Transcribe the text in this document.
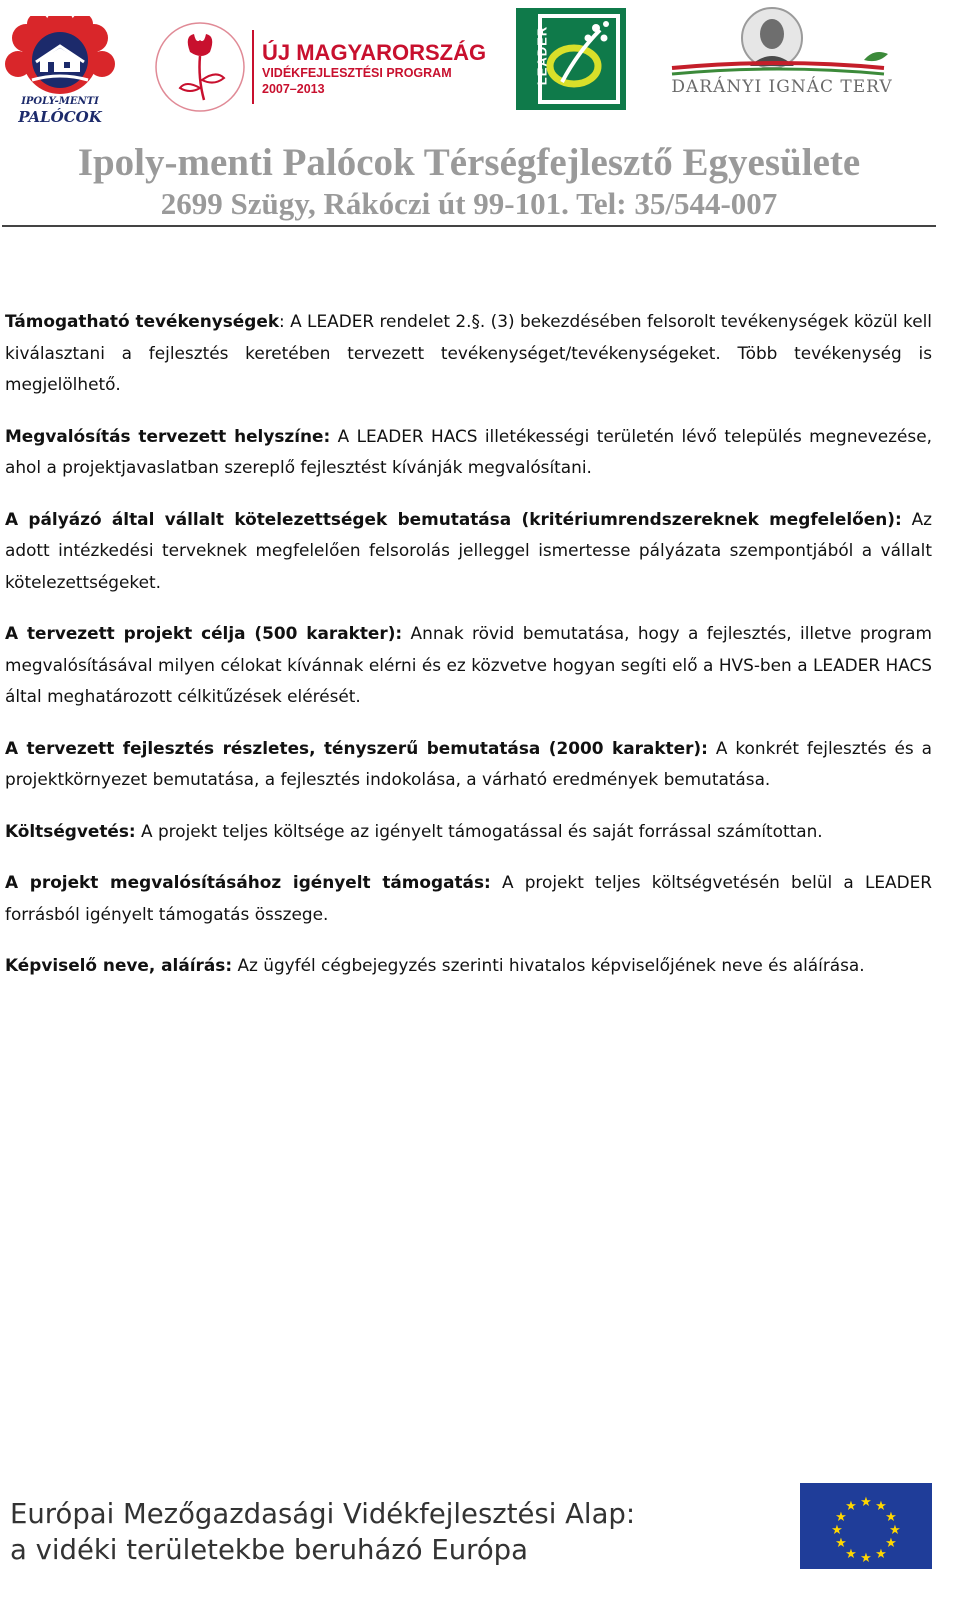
IPOLY-MENTI
PALÓCOK
ÚJ MAGYARORSZÁG
VIDÉKFEJLESZTÉSI PROGRAM
2007–2013
LEADER
DARÁNYI IGNÁC TERV
Ipoly-menti Palócok Térségfejlesztő Egyesülete
2699 Szügy, Rákóczi út 99-101. Tel: 35/544-007

Támogatható tevékenységek: A LEADER rendelet 2.§. (3) bekezdésében felsorolt tevékenységek közül kell kiválasztani a fejlesztés keretében tervezett tevékenységet/tevékenységeket. Több tevékenység is megjelölhető.

Megvalósítás tervezett helyszíne: A LEADER HACS illetékességi területén lévő település megnevezése, ahol a projektjavaslatban szereplő fejlesztést kívánják megvalósítani.

A pályázó által vállalt kötelezettségek bemutatása (kritériumrendszereknek megfelelően): Az adott intézkedési terveknek megfelelően felsorolás jelleggel ismertesse pályázata szempontjából a vállalt kötelezettségeket.

A tervezett projekt célja (500 karakter): Annak rövid bemutatása, hogy a fejlesztés, illetve program megvalósításával milyen célokat kívánnak elérni és ez közvetve hogyan segíti elő a HVS-ben a LEADER HACS által meghatározott célkitűzések elérését.

A tervezett fejlesztés részletes, tényszerű bemutatása (2000 karakter): A konkrét fejlesztés és a projektkörnyezet bemutatása, a fejlesztés indokolása, a várható eredmények bemutatása.

Költségvetés: A projekt teljes költsége az igényelt támogatással és saját forrással számítottan.

A projekt megvalósításához igényelt támogatás: A projekt teljes költségvetésén belül a LEADER forrásból igényelt támogatás összege.

Képviselő neve, aláírás: Az ügyfél cégbejegyzés szerinti hivatalos képviselőjének neve és aláírása.

Európai Mezőgazdasági Vidékfejlesztési Alap:
a vidéki területekbe beruházó Európa
★ ★
★
★
★
★
★
★
★
★
★
★
